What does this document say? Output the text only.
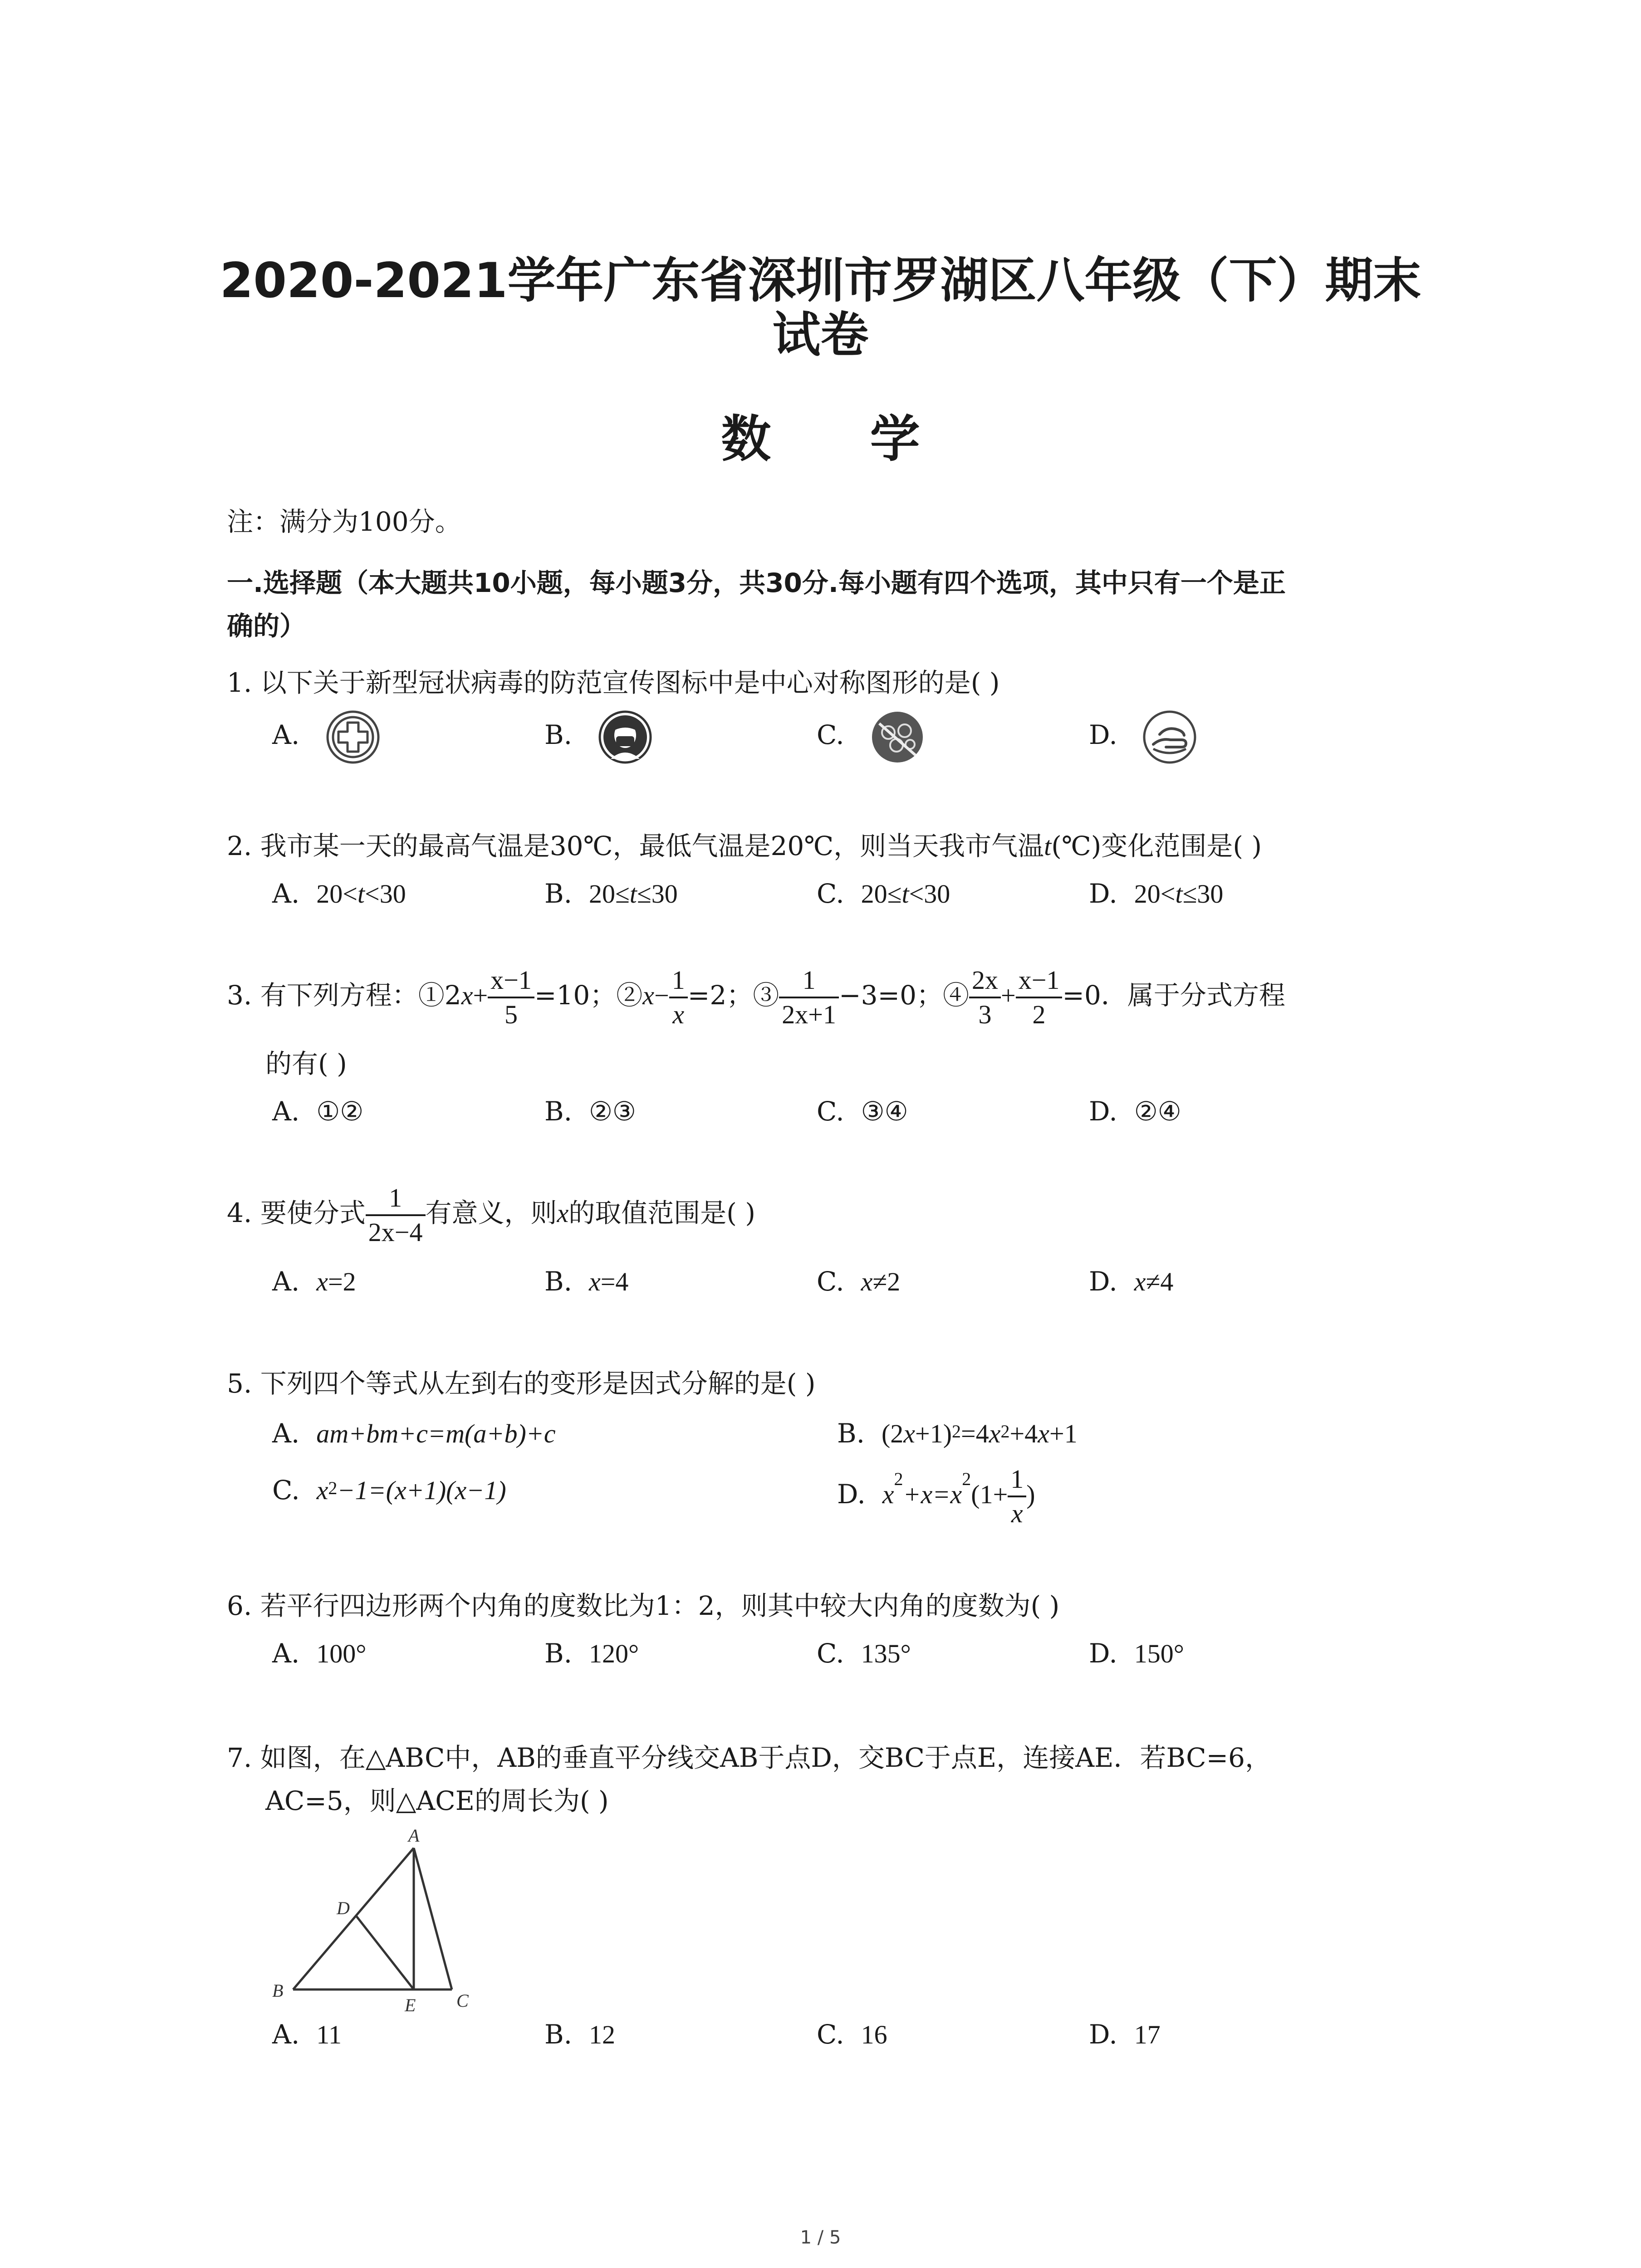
2020-2021学年广东省深圳市罗湖区八年级（下）期末
试卷
数 学
注：满分为100分。
一.选择题（本大题共10小题，每小题3分，共30分.每小题有四个选项，其中只有一个是正
确的）
1. 以下关于新型冠状病毒的防范宣传图标中是中心对称图形的是( )
A.	B.	C.	D.
2. 我市某一天的最高气温是30℃，最低气温是20℃，则当天我市气温t(℃)变化范围是( )
A. 20<t<30	B. 20≤t≤30	C. 20≤t<30	D. 20<t≤30
3. 有下列方程：①2x+ $\frac{x-1}{5} =10$；②x− $\frac{1}{x} =2$；③ $\frac{1}{2x+1} -3=0$；④ $\frac{2x}{3} + \frac{x-1}{2} =0$．属于分式方程
的有( )
A. ①②	B. ②③	C. ③④	D. ②④
4. 要使分式 $\frac{1}{2x-4}$ 有意义，则x的取值范围是( )
A. x=2	B. x=4	C. x≠2	D. x≠4
5. 下列四个等式从左到右的变形是因式分解的是( )
A. am+bm+c=m(a+b)+c	B. $(2x+1)^2=4x^2+4x+1$
C. $x^2-1=(x+1)(x-1)$	D. $x^2+x=x^2(1+ \frac{1}{x}$ )
6. 若平行四边形两个内角的度数比为1：2，则其中较大内角的度数为( )
A. 100°	B. 120°	C. 135°	D. 150°
7. 如图，在△ABC中，AB的垂直平分线交AB于点D，交BC于点E，连接AE．若BC=6，
AC=5，则△ACE的周长为( )
A
B	C
D
E
A. 11	B. 12	C. 16	D. 17
1 / 5
